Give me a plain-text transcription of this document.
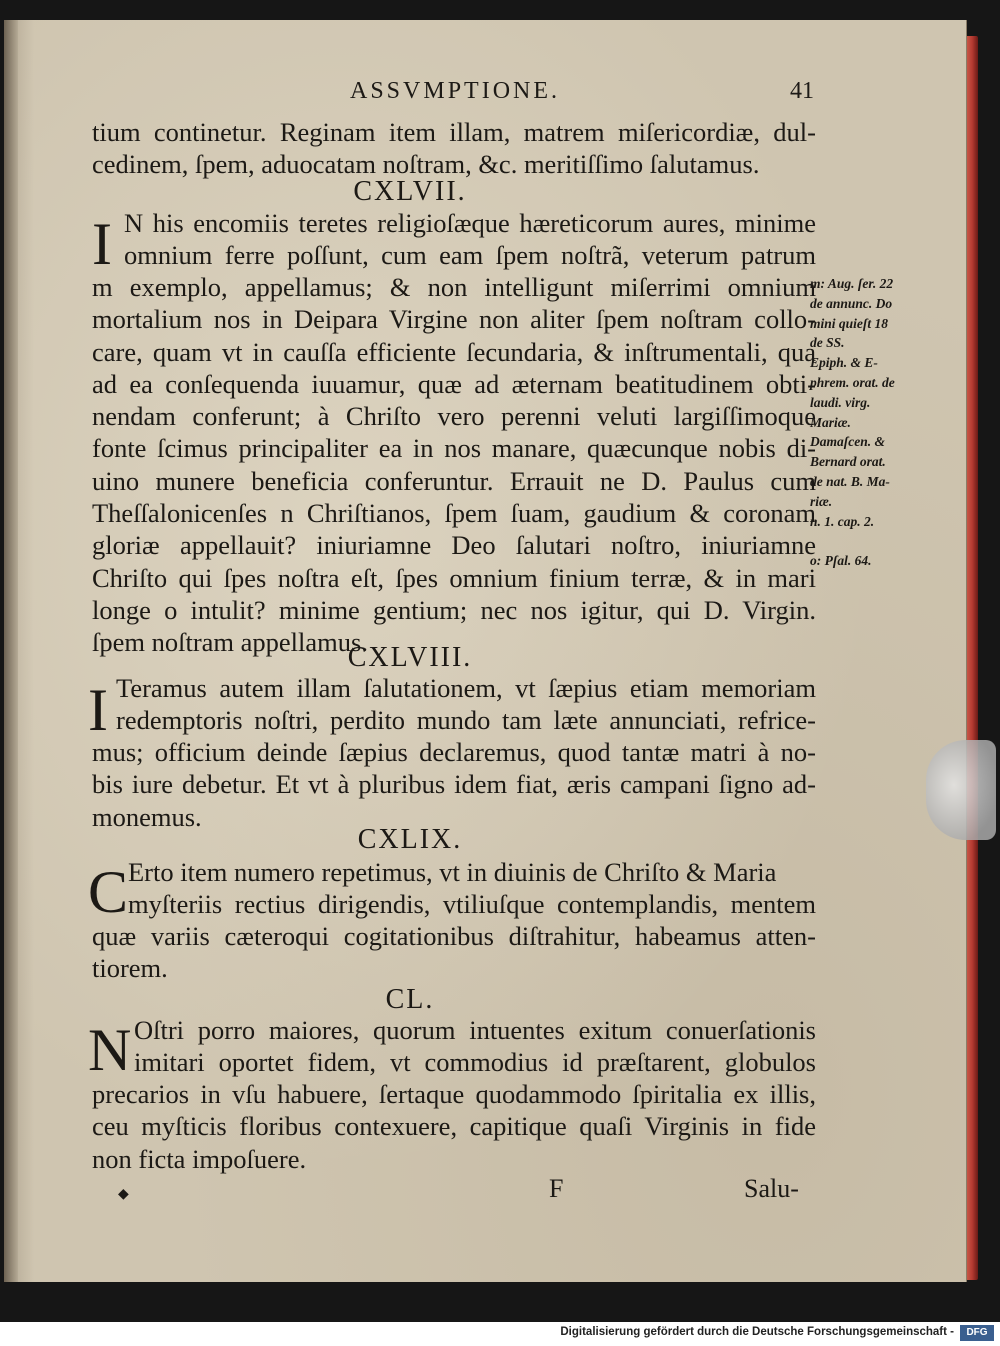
ASSVMPTIONE.	41
tium continetur. Reginam item illam, matrem miſericordiæ, dul-
cedinem, ſpem, aduocatam noſtram, &c. meritiſſimo ſalutamus.
CXLVII.
I N his encomiis teretes religioſæque hæreticorum aures, minime
omnium ferre poſſunt, cum eam ſpem noſtrã, veterum patrum
m exemplo, appellamus; & non intelligunt miſerrimi omnium
mortalium nos in Deipara Virgine non aliter ſpem noſtram collo-
care, quam vt in cauſſa efficiente ſecundaria, & inſtrumentali, qua
ad ea conſequenda iuuamur, quæ ad æternam beatitudinem obti-
nendam conferunt; à Chriſto vero perenni veluti largiſſimoque
fonte ſcimus principaliter ea in nos manare, quæcunque nobis di-
uino munere beneficia conferuntur. Errauit ne D. Paulus cum
Theſſalonicenſes n Chriſtianos, ſpem ſuam, gaudium & coronam
gloriæ appellauit? iniuriamne Deo ſalutari noſtro, iniuriamne
Chriſto qui ſpes noſtra eſt, ſpes omnium finium terræ, & in mari
longe o intulit? minime gentium; nec nos igitur, qui D. Virgin.
ſpem noſtram appellamus.
m: Aug. ſer. 22
de annunc. Do
mini quieſt 18
de SS.
Epiph. & E-
phrem. orat. de
laudi. virg.
Mariæ.
Damaſcen. &
Bernard orat.
de nat. B. Ma-
riæ.
n. 1. cap. 2.

o: Pſal. 64.
CXLVIII.
I Teramus autem illam ſalutationem, vt ſæpius etiam memoriam
redemptoris noſtri, perdito mundo tam læte annunciati, refrice-
mus; officium deinde ſæpius declaremus, quod tantæ matri à no-
bis iure debetur. Et vt à pluribus idem fiat, æris campani ſigno ad-
monemus.
CXLIX.
C Erto item numero repetimus, vt in diuinis de Chriſto & Maria
myſteriis rectius dirigendis, vtiliuſque contemplandis, mentem
quæ variis cæteroqui cogitationibus diſtrahitur, habeamus atten-
tiorem.
CL.
N Oſtri porro maiores, quorum intuentes exitum conuerſationis
imitari oportet fidem, vt commodius id præſtarent, globulos
precarios in vſu habuere, ſertaque quodammodo ſpiritalia ex illis,
ceu myſticis floribus contexuere, capitique quaſi Virginis in fide
non ficta impoſuere.
◆	F	Salu-
Digitalisierung gefördert durch die Deutsche Forschungsgemeinschaft -	DFG
